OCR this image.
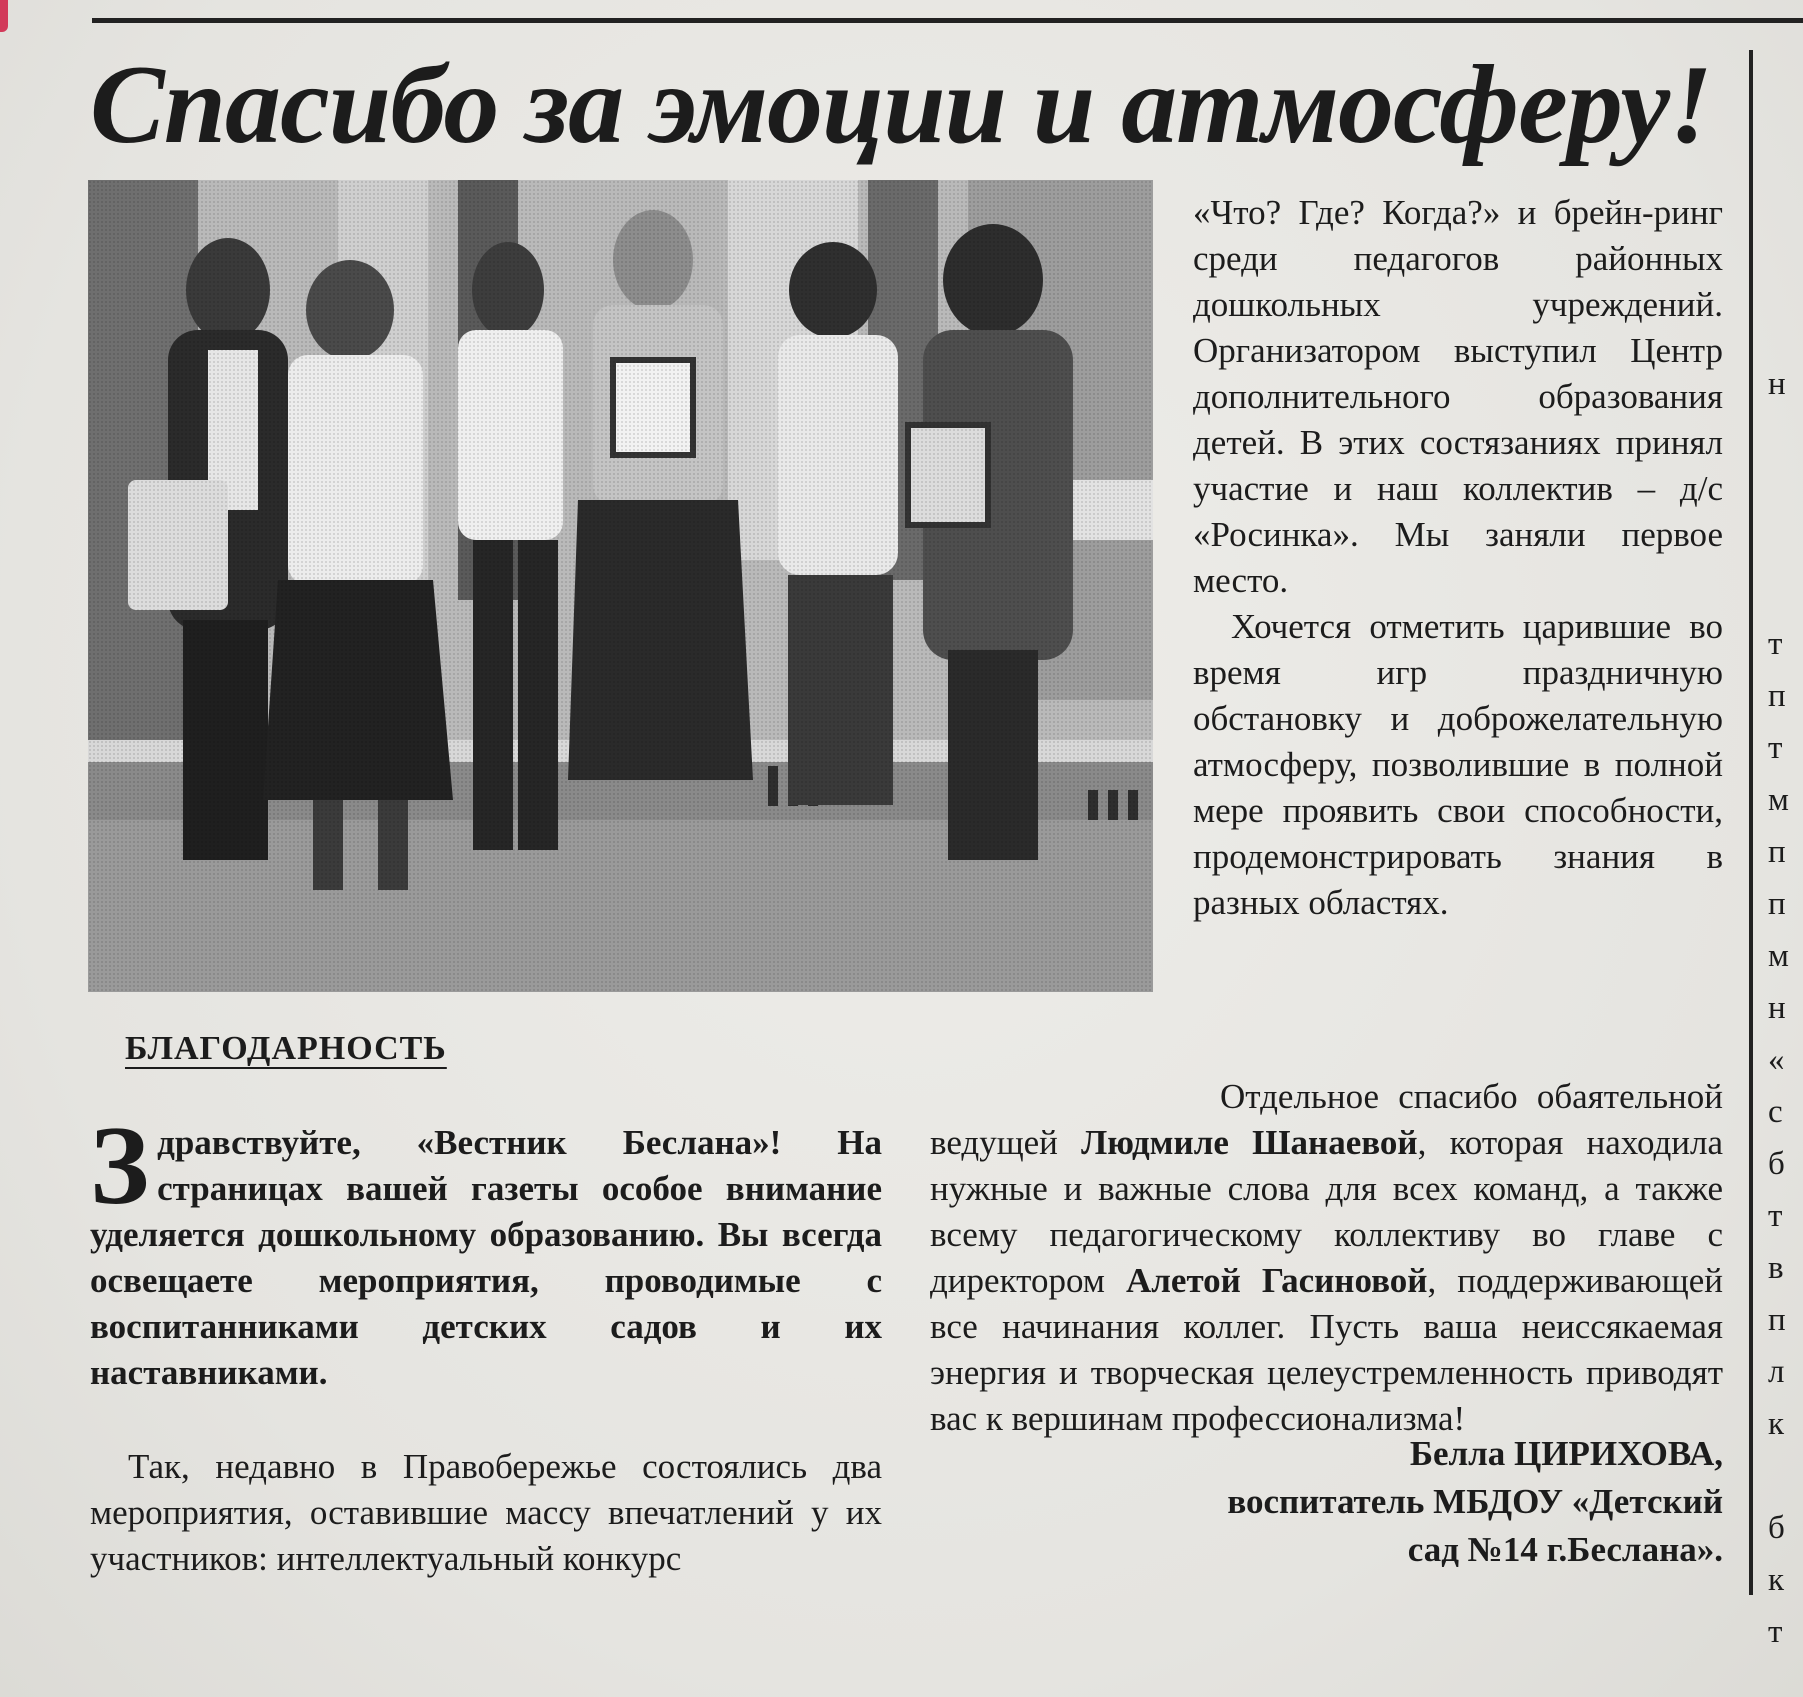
Спасибо за эмоции и атмосферу!

«Что? Где? Когда?» и брейн-ринг среди педагогов районных дошкольных учреждений. Организатором выступил Центр дополнительного образования детей. В этих состязаниях принял участие и наш коллектив – д/с «Росинка». Мы заняли первое место.

Хочется отметить царившие во время игр праздничную обстановку и доброжелательную атмосферу, позволившие в полной мере проявить свои способности, продемонстрировать знания в разных областях.

БЛАГОДАРНОСТЬ
З дравствуйте, «Вестник Беслана»! На страницах вашей газеты особое внимание уделяется дошкольному образованию. Вы всегда освещаете мероприятия, проводимые с воспитанниками детских садов и их наставниками.

Так, недавно в Правобережье состоялись два мероприятия, оставившие массу впечатлений у их участников: интеллектуальный конкурс

Отдельное спасибо обаятельной ведущей Людмиле Шанаевой, которая находила нужные и важные слова для всех команд, а также всему педагогическому коллективу во главе с директором Алетой Гасиновой, поддерживающей все начинания коллег. Пусть ваша неиссякаемая энергия и творческая целеустремленность приводят вас к вершинам профессионализма!

Белла ЦИРИХОВА,
воспитатель МБДОУ «Детский
сад №14 г.Беслана».
н
т
п
т
м
п
п
м
н
«
с
б
т
в
п
л
к
б
к
т
